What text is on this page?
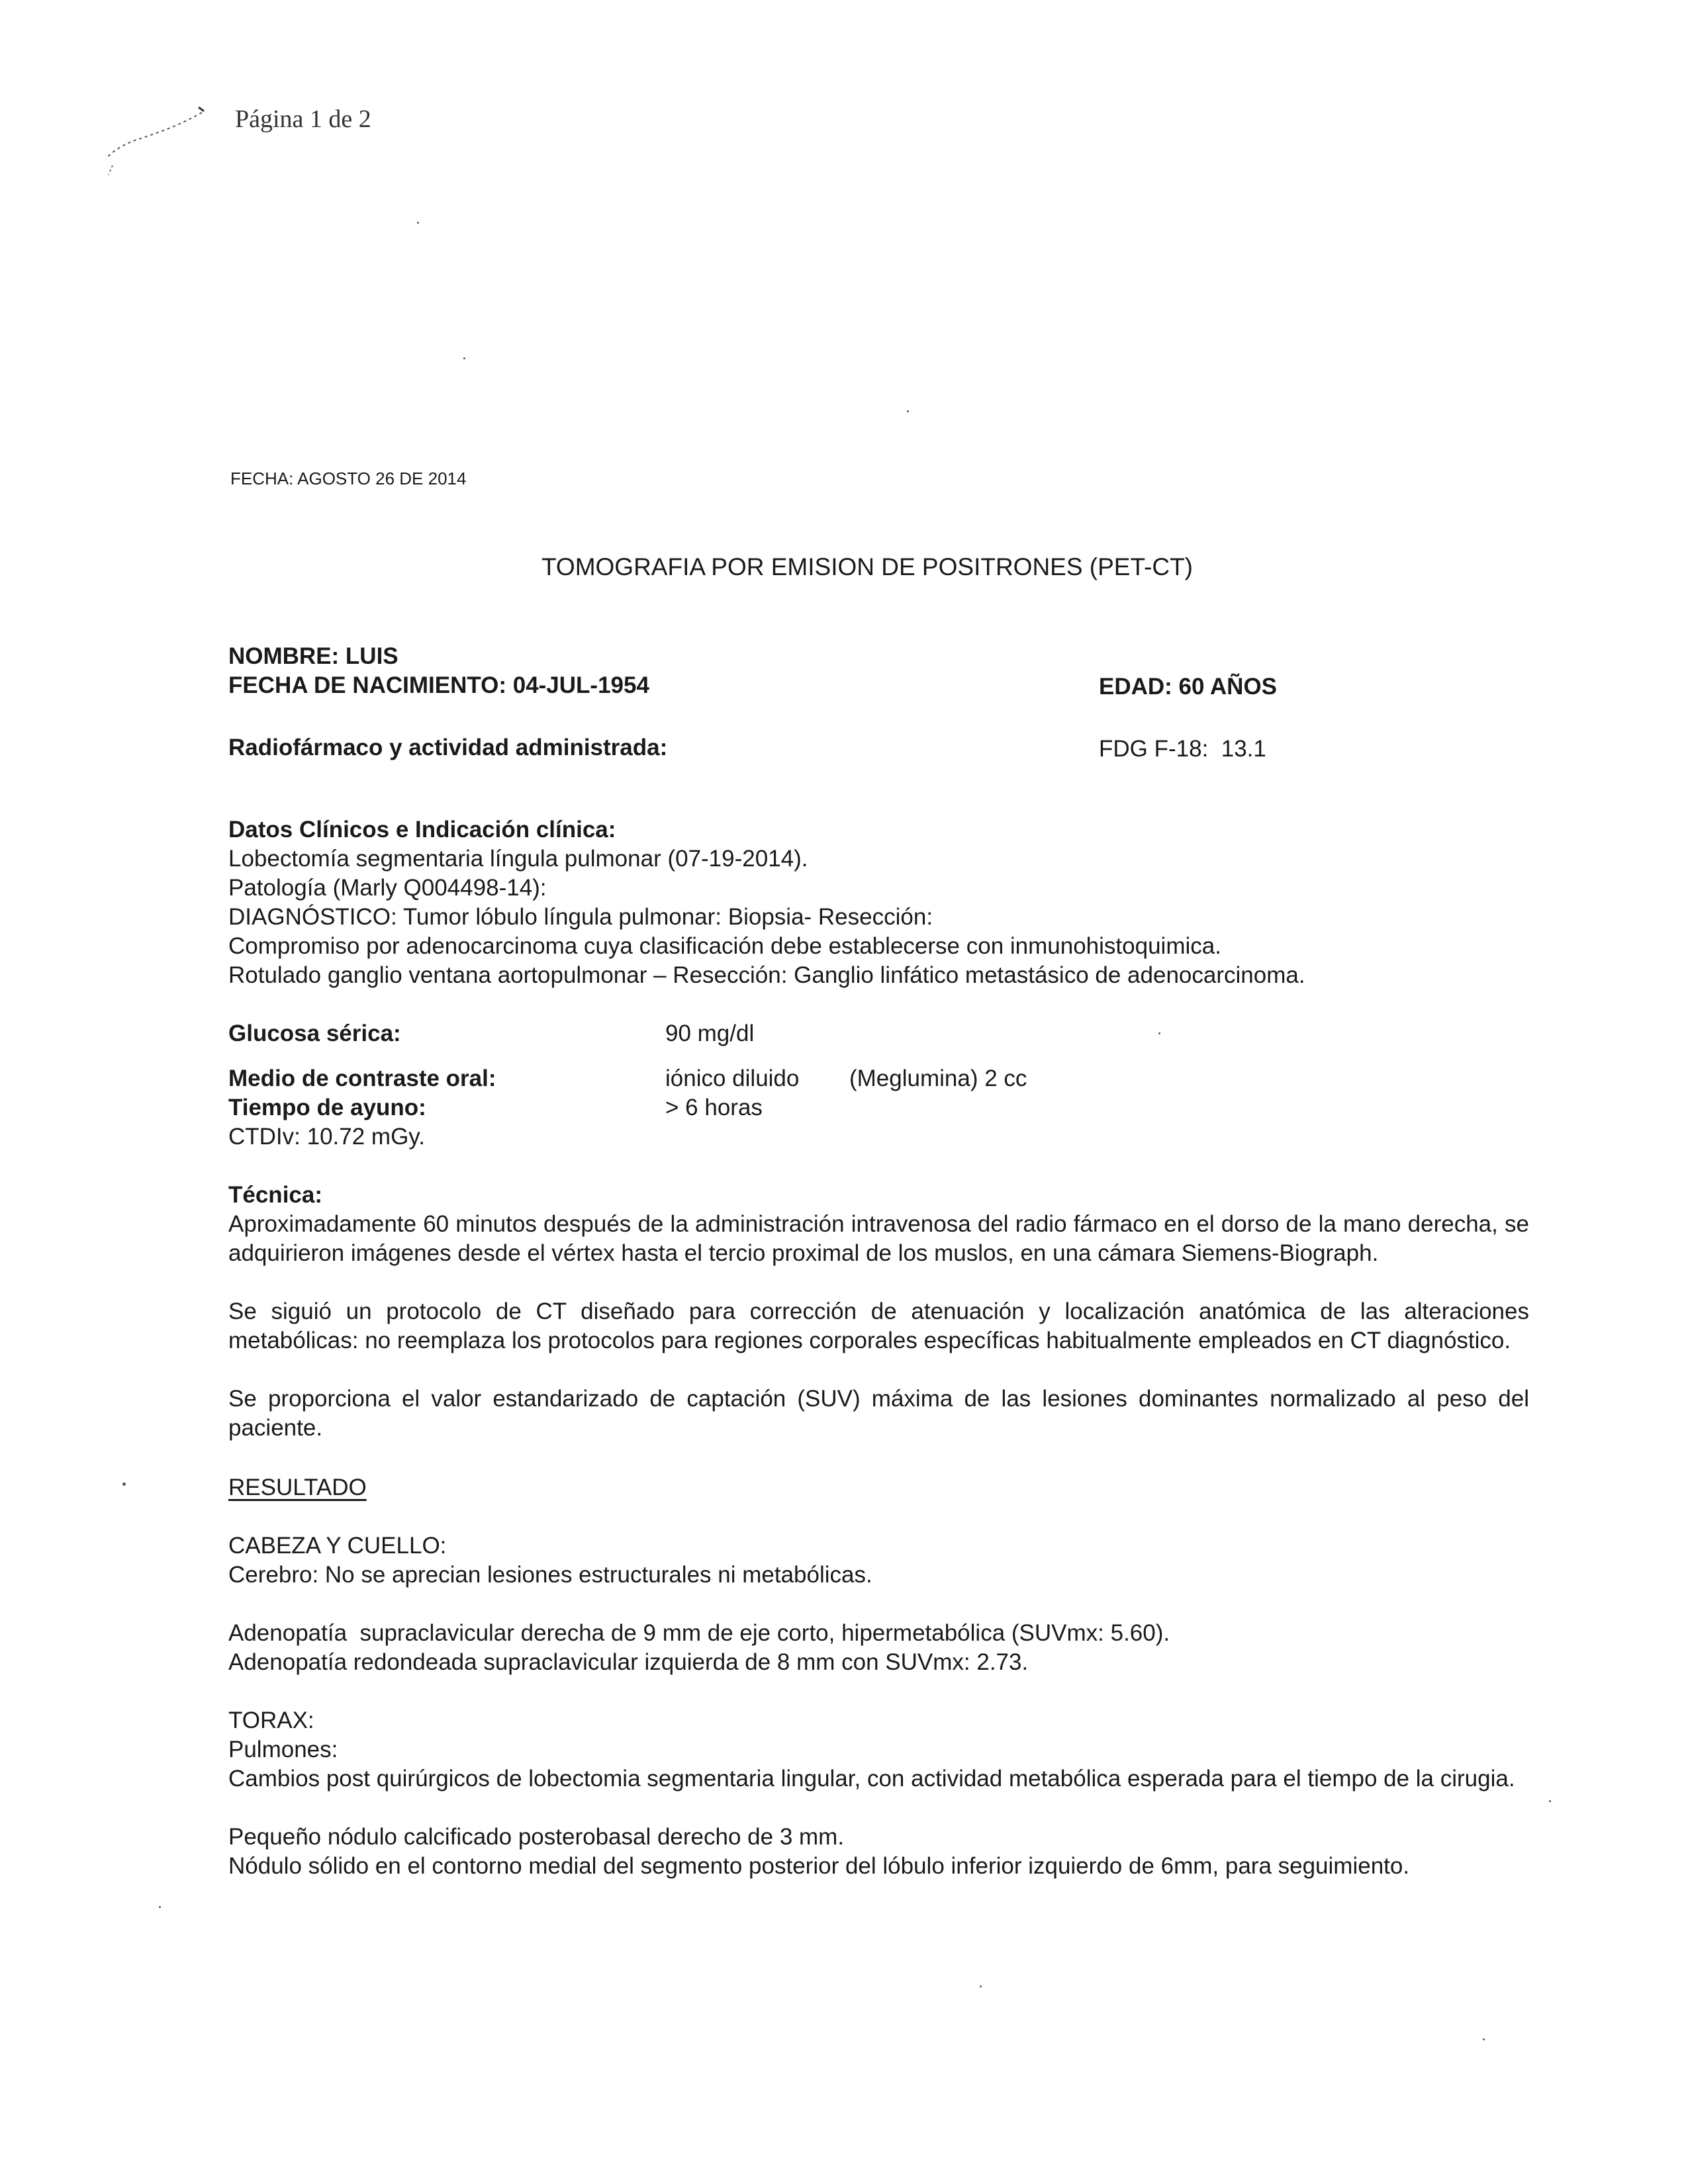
Página 1 de 2
FECHA: AGOSTO 26 DE 2014
TOMOGRAFIA POR EMISION DE POSITRONES (PET-CT)
NOMBRE: LUIS
FECHA DE NACIMIENTO: 04-JUL-1954	EDAD: 60 AÑOS
Radiofármaco y actividad administrada:	FDG F-18:  13.1
Datos Clínicos e Indicación clínica:
Lobectomía segmentaria língula pulmonar (07-19-2014).
Patología (Marly Q004498-14):
DIAGNÓSTICO: Tumor lóbulo língula pulmonar: Biopsia- Resección:
Compromiso por adenocarcinoma cuya clasificación debe establecerse con inmunohistoquimica.
Rotulado ganglio ventana aortopulmonar – Resección: Ganglio linfático metastásico de adenocarcinoma.
Glucosa sérica:	90 mg/dl
Medio de contraste oral:	iónico diluido (Meglumina) 2 cc
Tiempo de ayuno:	> 6 horas
CTDIv: 10.72 mGy.
Técnica:
Aproximadamente 60 minutos después de la administración intravenosa del radio fármaco en el dorso de la mano derecha, se adquirieron imágenes desde el vértex hasta el tercio proximal de los muslos, en una cámara Siemens-Biograph.
Se siguió un protocolo de CT diseñado para corrección de atenuación y localización anatómica de las alteraciones metabólicas: no reemplaza los protocolos para regiones corporales específicas habitualmente empleados en CT diagnóstico.
Se proporciona el valor estandarizado de captación (SUV) máxima de las lesiones dominantes normalizado al peso del paciente.
RESULTADO
CABEZA Y CUELLO:
Cerebro: No se aprecian lesiones estructurales ni metabólicas.
Adenopatía  supraclavicular derecha de 9 mm de eje corto, hipermetabólica (SUVmx: 5.60).
Adenopatía redondeada supraclavicular izquierda de 8 mm con SUVmx: 2.73.
TORAX:
Pulmones:
Cambios post quirúrgicos de lobectomia segmentaria lingular, con actividad metabólica esperada para el tiempo de la cirugia.
Pequeño nódulo calcificado posterobasal derecho de 3 mm.
Nódulo sólido en el contorno medial del segmento posterior del lóbulo inferior izquierdo de 6mm, para seguimiento.
